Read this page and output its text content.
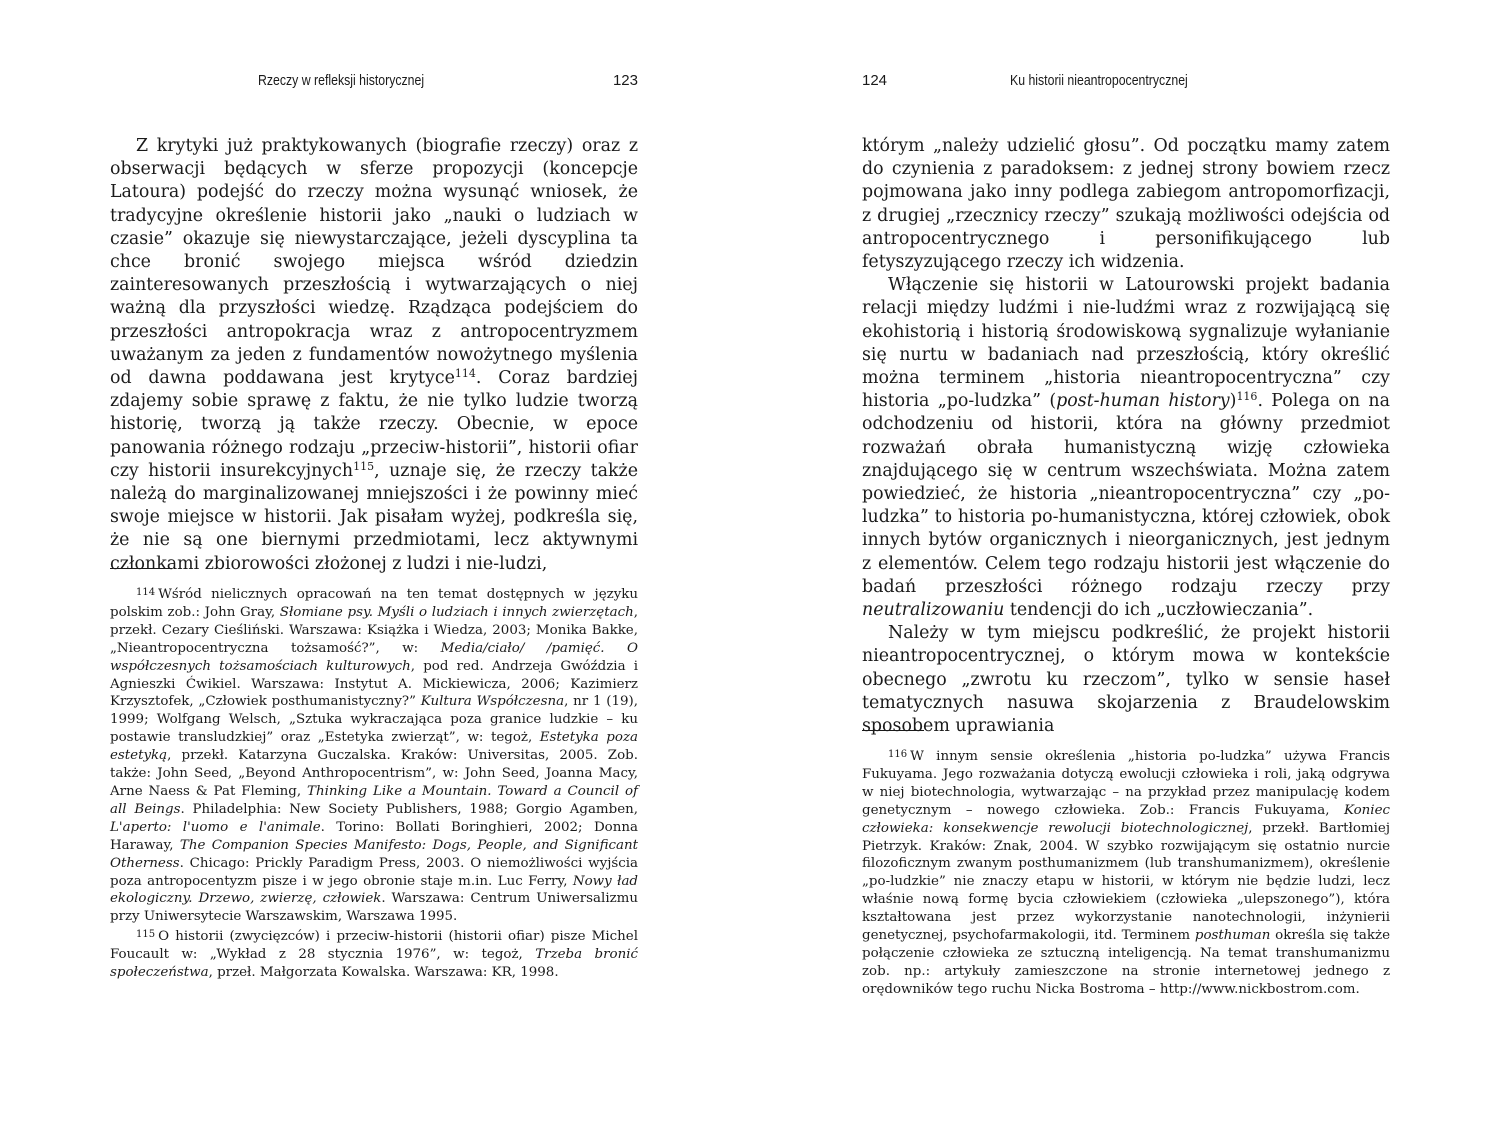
Rzeczy w refleksji historycznej	123

Z krytyki już praktykowanych (biografie rzeczy) oraz z obserwacji będących w sferze propozycji (koncepcje Latoura) podejść do rzeczy można wysunąć wniosek, że tradycyjne określenie historii jako „nauki o ludziach w czasie” okazuje się niewystarczające, jeżeli dyscyplina ta chce bronić swojego miejsca wśród dziedzin zainteresowanych przeszłością i wytwarzających o niej ważną dla przyszłości wiedzę. Rządząca podejściem do przeszłości antropokracja wraz z antropocentryzmem uważanym za jeden z fundamentów nowożytnego myślenia od dawna poddawana jest krytyce$^{114}$. Coraz bardziej zdajemy sobie sprawę z faktu, że nie tylko ludzie tworzą historię, tworzą ją także rzeczy. Obecnie, w epoce panowania różnego rodzaju „przeciw-historii”, historii ofiar czy historii insurekcyjnych$^{115}$, uznaje się, że rzeczy także należą do marginalizowanej mniejszości i że powinny mieć swoje miejsce w historii. Jak pisałam wyżej, podkreśla się, że nie są one biernymi przedmiotami, lecz aktywnymi członkami zbiorowości złożonej z ludzi i nie-ludzi,

$^{114}$ Wśród nielicznych opracowań na ten temat dostępnych w języku polskim zob.: John Gray, Słomiane psy. Myśli o ludziach i innych zwierzętach, przekł. Cezary Cieśliński. Warszawa: Książka i Wiedza, 2003; Monika Bakke, „Nieantropocentryczna tożsamość?”, w: Media/ciało/ /pamięć. O współczesnych tożsamościach kulturowych, pod red. Andrzeja Gwóździa i Agnieszki Ćwikiel. Warszawa: Instytut A. Mickiewicza, 2006; Kazimierz Krzysztofek, „Człowiek posthumanistyczny?” Kultura Współczesna, nr 1 (19), 1999; Wolfgang Welsch, „Sztuka wykraczająca poza granice ludzkie – ku postawie transludzkiej” oraz „Estetyka zwierząt”, w: tegoż, Estetyka poza estetyką, przekł. Katarzyna Guczalska. Kraków: Universitas, 2005. Zob. także: John Seed, „Beyond Anthropocentrism”, w: John Seed, Joanna Macy, Arne Naess & Pat Fleming, Thinking Like a Mountain. Toward a Council of all Beings. Philadelphia: New Society Publishers, 1988; Gorgio Agamben, L'aperto: l'uomo e l'animale. Torino: Bollati Boringhieri, 2002; Donna Haraway, The Companion Species Manifesto: Dogs, People, and Significant Otherness. Chicago: Prickly Paradigm Press, 2003. O niemożliwości wyjścia poza antropocentyzm pisze i w jego obronie staje m.in. Luc Ferry, Nowy ład ekologiczny. Drzewo, zwierzę, człowiek. Warszawa: Centrum Uniwersalizmu przy Uniwersytecie Warszawskim, Warszawa 1995.

$^{115}$ O historii (zwycięzców) i przeciw-historii (historii ofiar) pisze Michel Foucault w: „Wykład z 28 stycznia 1976”, w: tegoż, Trzeba bronić społeczeństwa, przeł. Małgorzata Kowalska. Warszawa: KR, 1998.

124	Ku historii nieantropocentrycznej

którym „należy udzielić głosu”. Od początku mamy zatem do czynienia z paradoksem: z jednej strony bowiem rzecz pojmowana jako inny podlega zabiegom antropomorfizacji, z drugiej „rzecznicy rzeczy” szukają możliwości odejścia od antropocentrycznego i personifikującego lub fetyszyzującego rzeczy ich widzenia.

Włączenie się historii w Latourowski projekt badania relacji między ludźmi i nie-ludźmi wraz z rozwijającą się ekohistorią i historią środowiskową sygnalizuje wyłanianie się nurtu w badaniach nad przeszłością, który określić można terminem „historia nieantropocentryczna” czy historia „po-ludzka” (post-human history)$^{116}$. Polega on na odchodzeniu od historii, która na główny przedmiot rozważań obrała humanistyczną wizję człowieka znajdującego się w centrum wszechświata. Można zatem powiedzieć, że historia „nieantropocentryczna” czy „po-ludzka” to historia po-humanistyczna, której człowiek, obok innych bytów organicznych i nieorganicznych, jest jednym z elementów. Celem tego rodzaju historii jest włączenie do badań przeszłości różnego rodzaju rzeczy przy neutralizowaniu tendencji do ich „uczłowieczania”.

Należy w tym miejscu podkreślić, że projekt historii nieantropocentrycznej, o którym mowa w kontekście obecnego „zwrotu ku rzeczom”, tylko w sensie haseł tematycznych nasuwa skojarzenia z Braudelowskim sposobem uprawiania

$^{116}$ W innym sensie określenia „historia po-ludzka” używa Francis Fukuyama. Jego rozważania dotyczą ewolucji człowieka i roli, jaką odgrywa w niej biotechnologia, wytwarzając – na przykład przez manipulację kodem genetycznym – nowego człowieka. Zob.: Francis Fukuyama, Koniec człowieka: konsekwencje rewolucji biotechnologicznej, przekł. Bartłomiej Pietrzyk. Kraków: Znak, 2004. W szybko rozwijającym się ostatnio nurcie filozoficznym zwanym posthumanizmem (lub transhumanizmem), określenie „po-ludzkie” nie znaczy etapu w historii, w którym nie będzie ludzi, lecz właśnie nową formę bycia człowiekiem (człowieka „ulepszonego”), która kształtowana jest przez wykorzystanie nanotechnologii, inżynierii genetycznej, psychofarmakologii, itd. Terminem posthuman określa się także połączenie człowieka ze sztuczną inteligencją. Na temat transhumanizmu zob. np.: artykuły zamieszczone na stronie internetowej jednego z orędowników tego ruchu Nicka Bostroma – http://www.nickbostrom.com.
